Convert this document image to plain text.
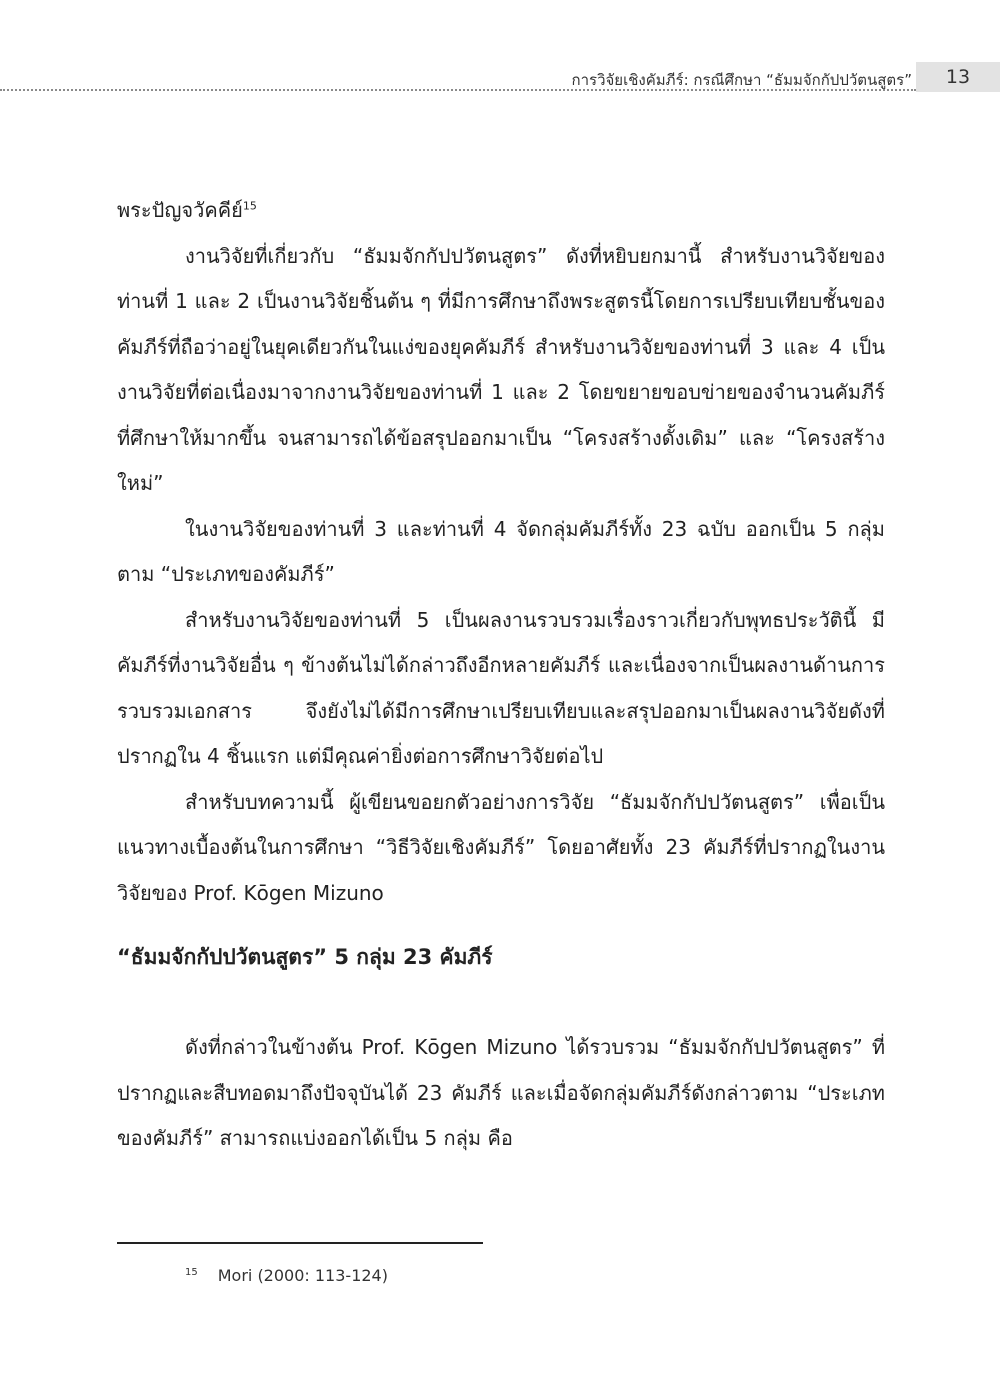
การวิจัยเชิงคัมภีร์: กรณีศึกษา “ธัมมจักกัปปวัตนสูตร”	13

พระปัญจวัคคีย์$^{15}$

งานวิจัยที่เกี่ยวกับ “ธัมมจักกัปปวัตนสูตร” ดังที่หยิบยกมานี้ สำหรับงานวิจัยของท่านที่ 1 และ 2 เป็นงานวิจัยชิ้นต้น ๆ ที่มีการศึกษาถึงพระสูตรนี้โดยการเปรียบเทียบชั้นของคัมภีร์ที่ถือว่าอยู่ในยุคเดียวกันในแง่ของยุคคัมภีร์ สำหรับงานวิจัยของท่านที่ 3 และ 4 เป็นงานวิจัยที่ต่อเนื่องมาจากงานวิจัยของท่านที่ 1 และ 2 โดยขยายขอบข่ายของจำนวนคัมภีร์ที่ศึกษาให้มากขึ้น จนสามารถได้ข้อสรุปออกมาเป็น “โครงสร้างดั้งเดิม” และ “โครงสร้างใหม่”

ในงานวิจัยของท่านที่ 3 และท่านที่ 4 จัดกลุ่มคัมภีร์ทั้ง 23 ฉบับ ออกเป็น 5 กลุ่ม ตาม “ประเภทของคัมภีร์”

สำหรับงานวิจัยของท่านที่ 5 เป็นผลงานรวบรวมเรื่องราวเกี่ยวกับพุทธประวัตินี้ มีคัมภีร์ที่งานวิจัยอื่น ๆ ข้างต้นไม่ได้กล่าวถึงอีกหลายคัมภีร์ และเนื่องจากเป็นผลงานด้านการรวบรวมเอกสาร จึงยังไม่ได้มีการศึกษาเปรียบเทียบและสรุปออกมาเป็นผลงานวิจัยดังที่ปรากฏใน 4 ชิ้นแรก แต่มีคุณค่ายิ่งต่อการศึกษาวิจัยต่อไป

สำหรับบทความนี้ ผู้เขียนขอยกตัวอย่างการวิจัย “ธัมมจักกัปปวัตนสูตร” เพื่อเป็นแนวทางเบื้องต้นในการศึกษา “วิธีวิจัยเชิงคัมภีร์” โดยอาศัยทั้ง 23 คัมภีร์ที่ปรากฏในงานวิจัยของ Prof. Kōgen Mizuno

“ธัมมจักกัปปวัตนสูตร” 5 กลุ่ม 23 คัมภีร์

ดังที่กล่าวในข้างต้น Prof. Kōgen Mizuno ได้รวบรวม “ธัมมจักกัปปวัตนสูตร” ที่ปรากฏและสืบทอดมาถึงปัจจุบันได้ 23 คัมภีร์ และเมื่อจัดกลุ่มคัมภีร์ดังกล่าวตาม “ประเภทของคัมภีร์” สามารถแบ่งออกได้เป็น 5 กลุ่ม คือ

$^{15}$ Mori (2000: 113-124)
